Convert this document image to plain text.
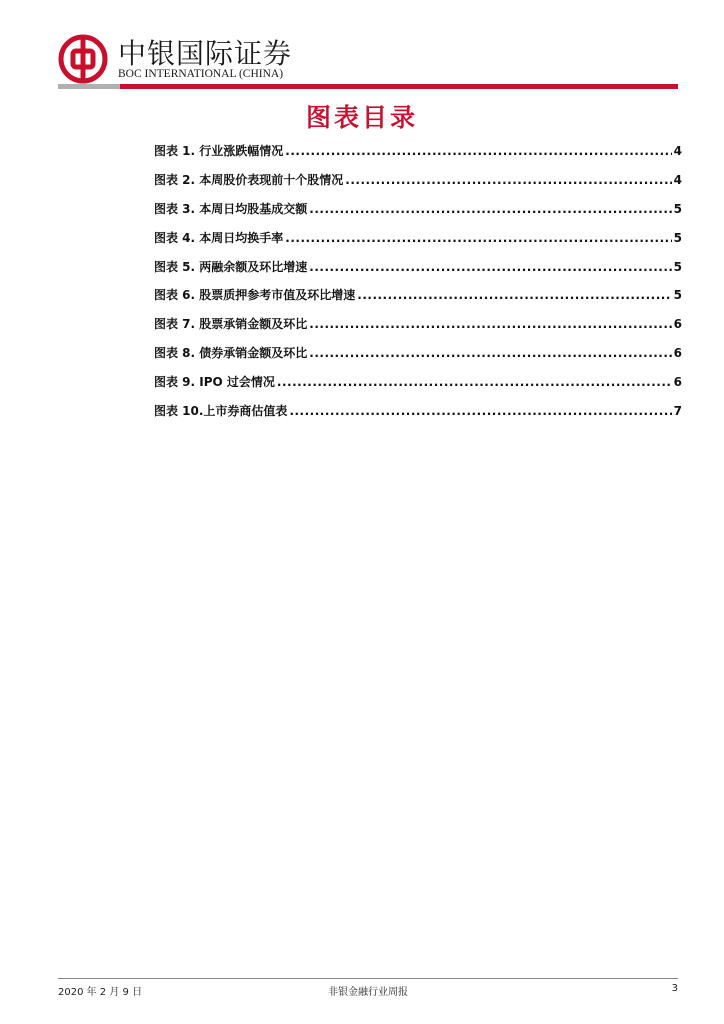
中银国际证券
BOC INTERNATIONAL (CHINA)
图表目录
图表 1. 行业涨跌幅情况 .....	4
图表 2. 本周股价表现前十个股情况 .....	4
图表 3. 本周日均股基成交额 .....	5
图表 4. 本周日均换手率 .....	5
图表 5. 两融余额及环比增速 .....	5
图表 6. 股票质押参考市值及环比增速 .....	5
图表 7. 股票承销金额及环比 .....	6
图表 8. 债券承销金额及环比 .....	6
图表 9. IPO 过会情况 .....	6
图表 10.上市券商估值表 .....	7
2020 年 2 月 9 日	非银金融行业周报	3
